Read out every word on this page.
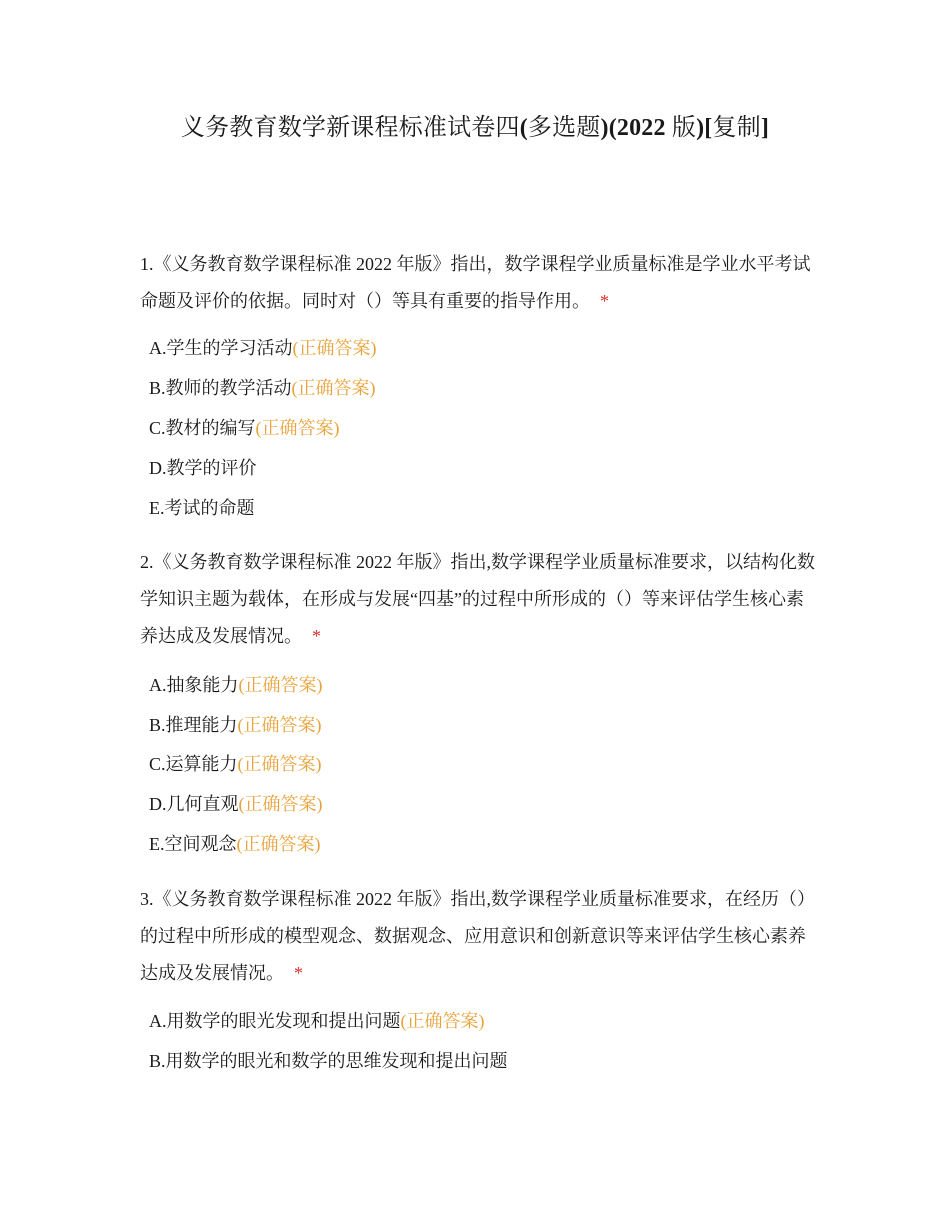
义务教育数学新课程标准试卷四(多选题)(2022 版)[复制]
1.《义务教育数学课程标准 2022 年版》指出，数学课程学业质量标准是学业水平考试命题及评价的依据。同时对（）等具有重要的指导作用。 *
A.学生的学习活动(正确答案)
B.教师的教学活动(正确答案)
C.教材的编写(正确答案)
D.教学的评价
E.考试的命题
2.《义务教育数学课程标准 2022 年版》指出,数学课程学业质量标准要求，以结构化数学知识主题为载体，在形成与发展“四基”的过程中所形成的（）等来评估学生核心素养达成及发展情况。 *
A.抽象能力(正确答案)
B.推理能力(正确答案)
C.运算能力(正确答案)
D.几何直观(正确答案)
E.空间观念(正确答案)
3.《义务教育数学课程标准 2022 年版》指出,数学课程学业质量标准要求，在经历（）的过程中所形成的模型观念、数据观念、应用意识和创新意识等来评估学生核心素养达成及发展情况。 *
A.用数学的眼光发现和提出问题(正确答案)
B.用数学的眼光和数学的思维发现和提出问题
